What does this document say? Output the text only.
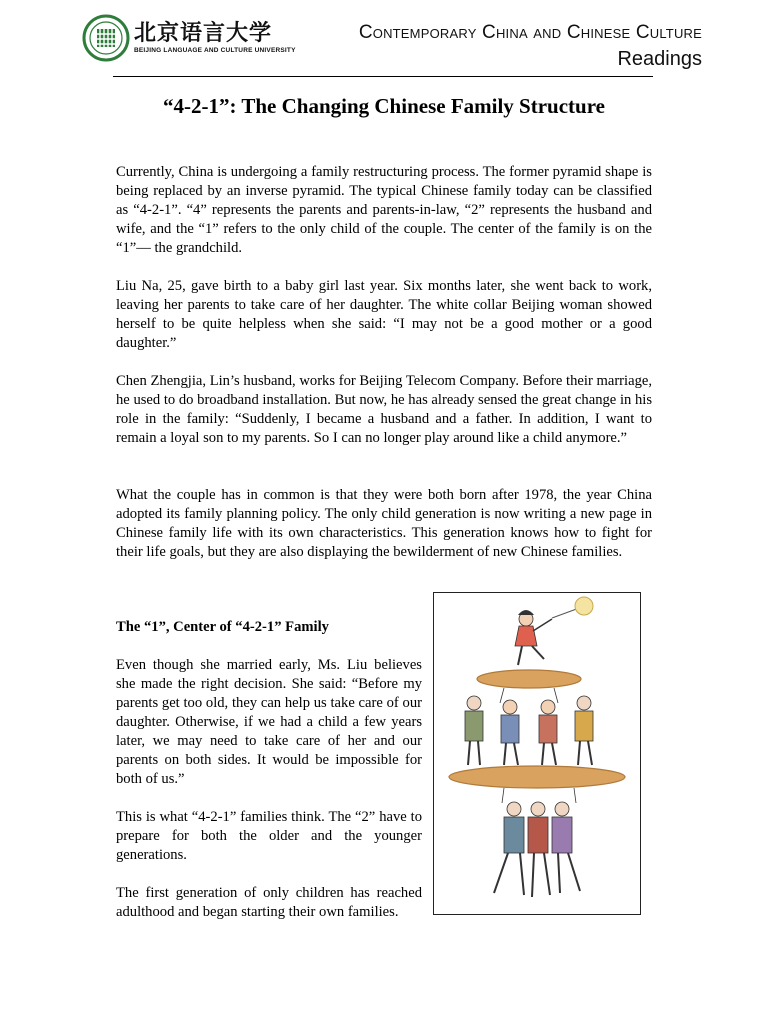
北京语言大学
BEIJING LANGUAGE AND CULTURE UNIVERSITY
Contemporary China and Chinese Culture
Readings
“4-2-1”: The Changing Chinese Family Structure

Currently, China is undergoing a family restructuring process. The former pyramid shape is being replaced by an inverse pyramid. The typical Chinese family today can be classified as “4-2-1”. “4” represents the parents and parents-in-law, “2” represents the husband and wife, and the “1” refers to the only child of the couple. The center of the family is on the “1”— the grandchild.

Liu Na, 25, gave birth to a baby girl last year. Six months later, she went back to work, leaving her parents to take care of her daughter. The white collar Beijing woman showed herself to be quite helpless when she said: “I may not be a good mother or a good daughter.”

Chen Zhengjia, Lin’s husband, works for Beijing Telecom Company. Before their marriage, he used to do broadband installation. But now, he has already sensed the great change in his role in the family: “Suddenly, I became a husband and a father. In addition, I want to remain a loyal son to my parents. So I can no longer play around like a child anymore.”

What the couple has in common is that they were both born after 1978, the year China adopted its family planning policy. The only child generation is now writing a new page in Chinese family life with its own characteristics. This generation knows how to fight for their life goals, but they are also displaying the bewilderment of new Chinese families.

The “1”, Center of “4-2-1” Family

Even though she married early, Ms. Liu believes she made the right decision. She said: “Before my parents get too old, they can help us take care of our daughter. Otherwise, if we had a child a few years later, we may need to take care of her and our parents on both sides. It would be impossible for both of us.”

This is what “4-2-1” families think. The “2” have to prepare for both the older and the younger generations.

The first generation of only children has reached adulthood and began starting their own families.
